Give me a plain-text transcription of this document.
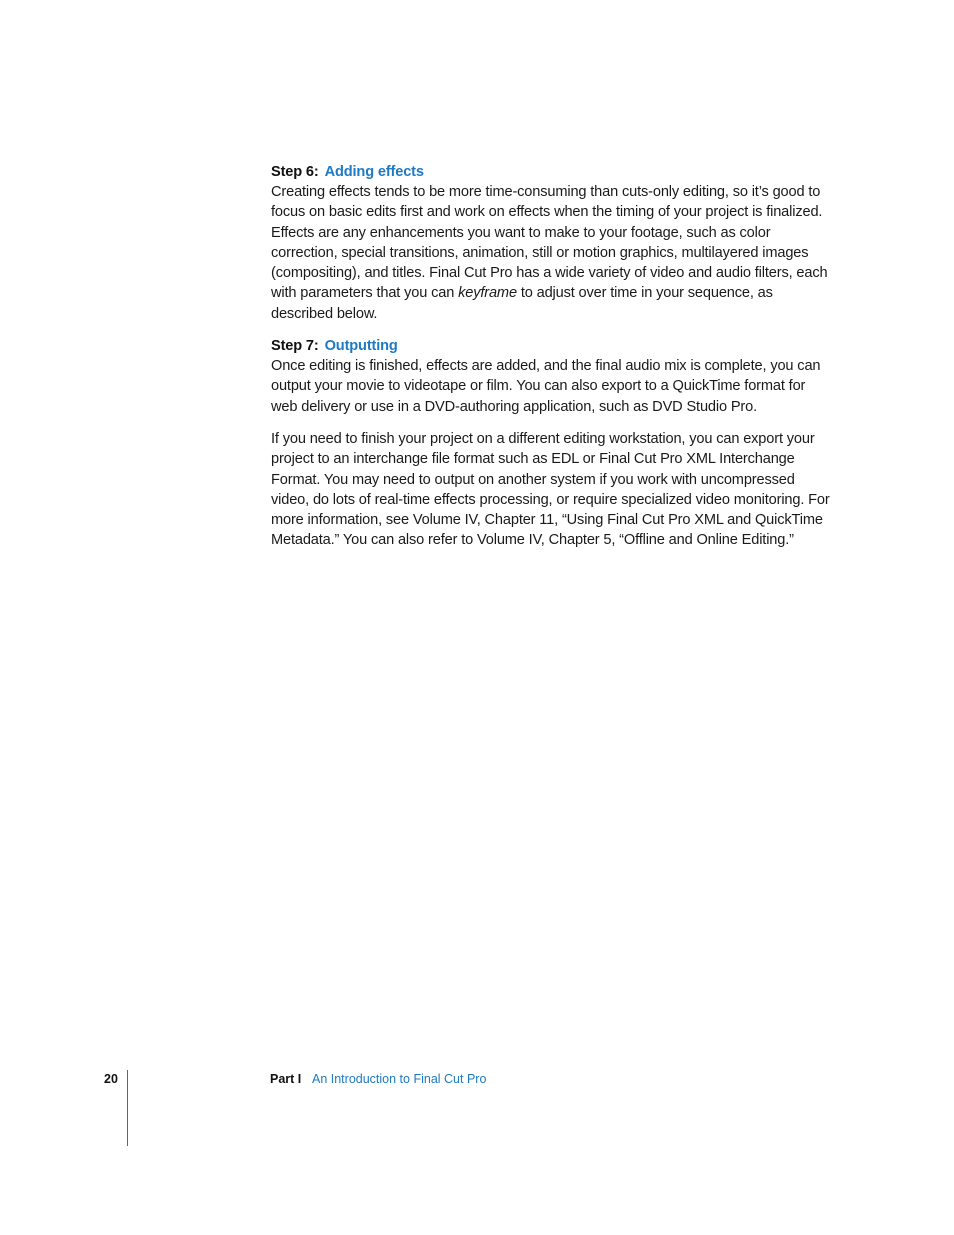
Step 6: Adding effects

Creating effects tends to be more time-consuming than cuts-only editing, so it’s good to focus on basic edits first and work on effects when the timing of your project is finalized. Effects are any enhancements you want to make to your footage, such as color correction, special transitions, animation, still or motion graphics, multilayered images (compositing), and titles. Final Cut Pro has a wide variety of video and audio filters, each with parameters that you can keyframe to adjust over time in your sequence, as described below.

Step 7: Outputting

Once editing is finished, effects are added, and the final audio mix is complete, you can output your movie to videotape or film. You can also export to a QuickTime format for web delivery or use in a DVD-authoring application, such as DVD Studio Pro.

If you need to finish your project on a different editing workstation, you can export your project to an interchange file format such as EDL or Final Cut Pro XML Interchange Format. You may need to output on another system if you work with uncompressed video, do lots of real-time effects processing, or require specialized video monitoring. For more information, see Volume IV, Chapter 11, “Using Final Cut Pro XML and QuickTime Metadata.” You can also refer to Volume IV, Chapter 5, “Offline and Online Editing.”

20	Part I An Introduction to Final Cut Pro
